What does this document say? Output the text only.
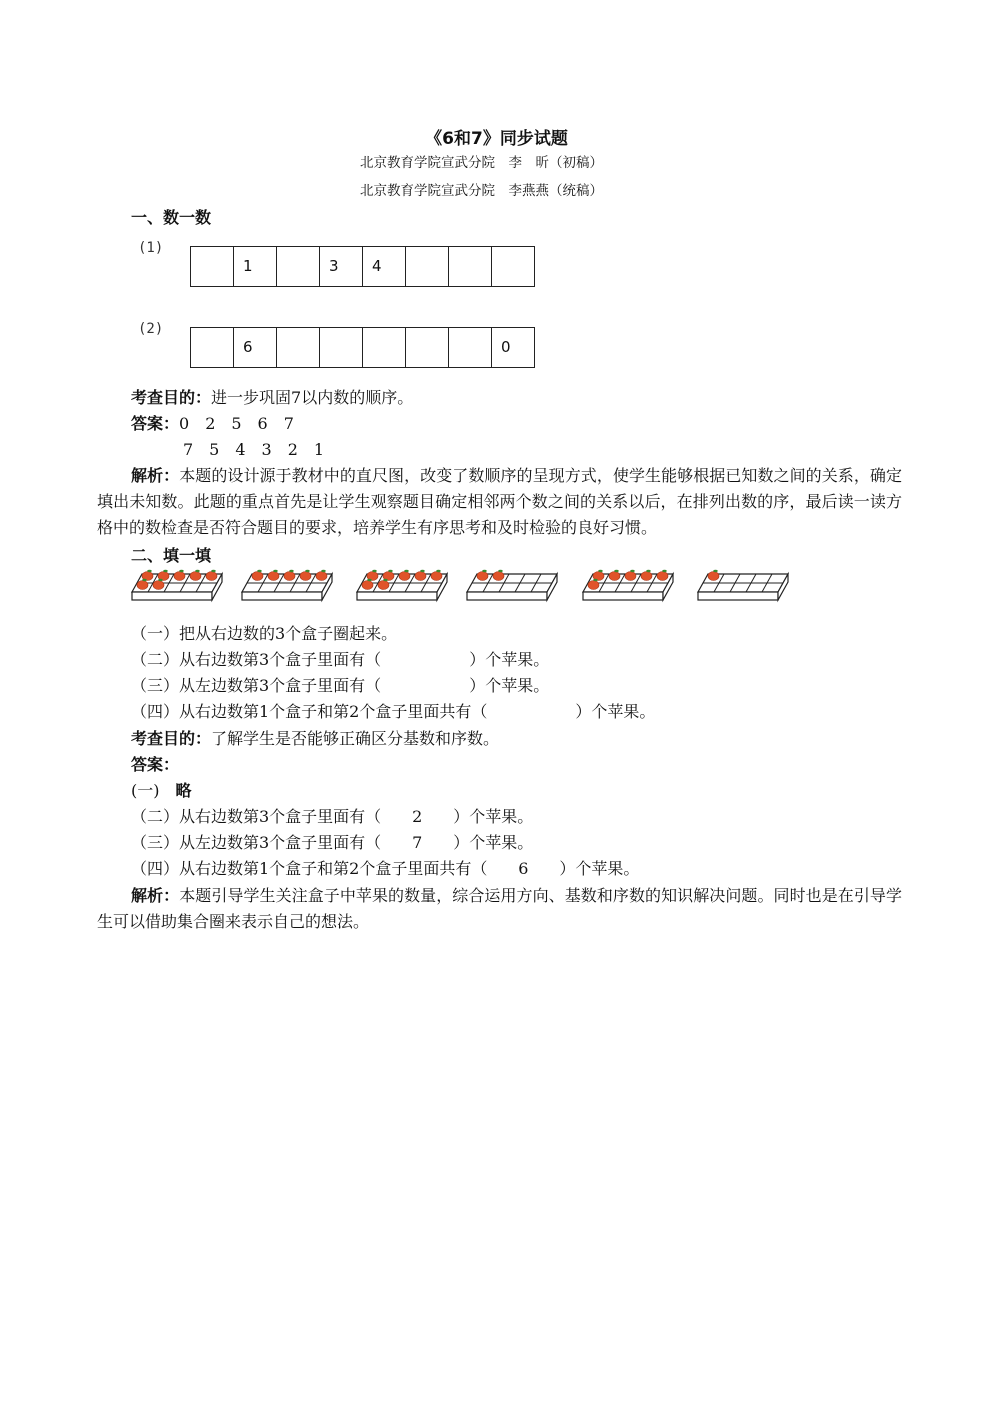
《6和7》同步试题
北京教育学院宣武分院　李　昕（初稿）
北京教育学院宣武分院　李燕燕（统稿）
一、数一数
(1)
1	3	4
(2)
6	0
考查目的：进一步巩固7以内数的顺序。
答案：0　2　5　6　7
7　5　4　3　2　1
解析：本题的设计源于教材中的直尺图，改变了数顺序的呈现方式，使学生能够根据已知数之间的关系，确定填出未知数。此题的重点首先是让学生观察题目确定相邻两个数之间的关系以后，在排列出数的序，最后读一读方格中的数检查是否符合题目的要求，培养学生有序思考和及时检验的良好习惯。
二、填一填
（一）把从右边数的3个盒子圈起来。
（二）从右边数第3个盒子里面有（	）个苹果。
（三）从左边数第3个盒子里面有（	）个苹果。
（四）从右边数第1个盒子和第2个盒子里面共有（	）个苹果。
考查目的：了解学生是否能够正确区分基数和序数。
答案：
(一)　略
（二）从右边数第3个盒子里面有（ 2 ）个苹果。
（三）从左边数第3个盒子里面有（ 7 ）个苹果。
（四）从右边数第1个盒子和第2个盒子里面共有（ 6 ）个苹果。
解析：本题引导学生关注盒子中苹果的数量，综合运用方向、基数和序数的知识解决问题。同时也是在引导学生可以借助集合圈来表示自己的想法。
